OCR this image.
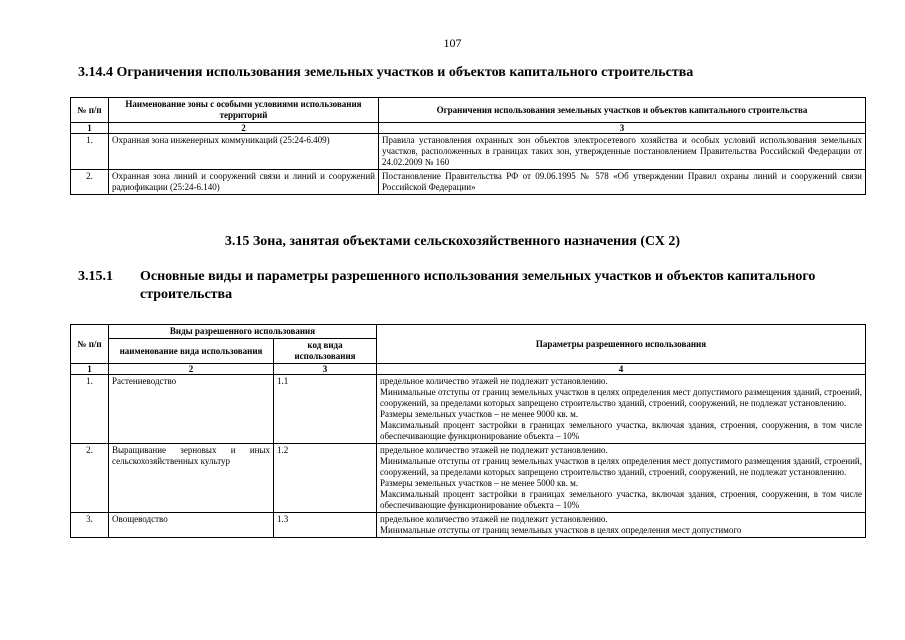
107
3.14.4 Ограничения использования земельных участков и объектов капитального строительства
№ п/п	Наименование зоны с особыми условиями использования территорий	Ограничения использования земельных участков и объектов капитального строительства
1	2	3
1.	Охранная зона инженерных коммуникаций (25:24-6.409)	Правила установления охранных зон объектов электросетевого хозяйства и особых условий использования земельных участков, расположенных в границах таких зон, утвержденные постановлением Правительства Российской Федерации от 24.02.2009 № 160
2.	Охранная зона линий и сооружений связи и линий и сооружений радиофикации (25:24-6.140)	Постановление Правительства РФ от 09.06.1995 № 578 «Об утверждении Правил охраны линий и сооружений связи Российской Федерации»
3.15 Зона, занятая объектами сельскохозяйственного назначения (СХ 2)
3.15.1 Основные виды и параметры разрешенного использования земельных участков и объектов капитального
строительства
№ п/п	Виды разрешенного использования		Параметры разрешенного использования
	наименование вида использования	код вида использования	
1	2	3	4
1.	Растениеводство	1.1	предельное количество этажей не подлежит установлению.
Минимальные отступы от границ земельных участков в целях определения мест допустимого размещения зданий, строений, сооружений, за пределами которых запрещено строительство зданий, строений, сооружений, не подлежат установлению.
Размеры земельных участков – не менее 9000 кв. м.
Максимальный процент застройки в границах земельного участка, включая здания, строения, сооружения, в том числе обеспечивающие функционирование объекта – 10%

2.	Выращивание зерновых и иных сельскохозяйственных культур	1.2	предельное количество этажей не подлежит установлению.
Минимальные отступы от границ земельных участков в целях определения мест допустимого размещения зданий, строений, сооружений, за пределами которых запрещено строительство зданий, строений, сооружений, не подлежат установлению.
Размеры земельных участков – не менее 5000 кв. м.
Максимальный процент застройки в границах земельного участка, включая здания, строения, сооружения, в том числе обеспечивающие функционирование объекта – 10%

3.	Овощеводство	1.3	предельное количество этажей не подлежит установлению.
Минимальные отступы от границ земельных участков в целях определения мест допустимого
